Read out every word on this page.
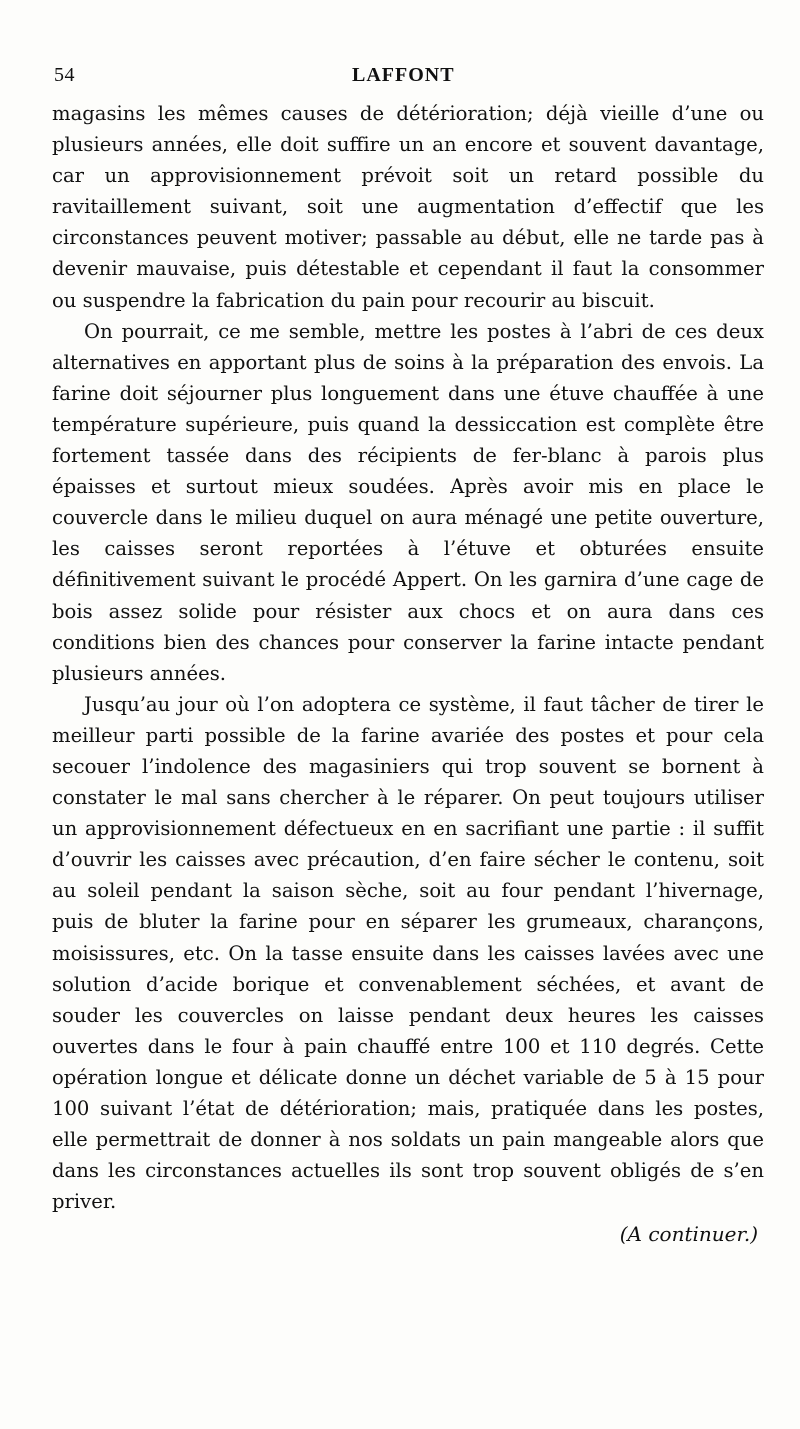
54	LAFFONT

magasins les mêmes causes de détérioration; déjà vieille d’une ou plusieurs années, elle doit suffire un an encore et souvent davantage, car un approvisionnement prévoit soit un retard possible du ravitaillement suivant, soit une augmentation d’effectif que les circonstances peuvent motiver; passable au début, elle ne tarde pas à devenir mauvaise, puis détestable et cependant il faut la consommer ou suspendre la fabrication du pain pour recourir au biscuit.

On pourrait, ce me semble, mettre les postes à l’abri de ces deux alternatives en apportant plus de soins à la préparation des envois. La farine doit séjourner plus longuement dans une étuve chauffée à une température supérieure, puis quand la dessiccation est complète être fortement tassée dans des récipients de fer-blanc à parois plus épaisses et surtout mieux soudées. Après avoir mis en place le couvercle dans le milieu duquel on aura ménagé une petite ouverture, les caisses seront reportées à l’étuve et obturées ensuite définitivement suivant le procédé Appert. On les garnira d’une cage de bois assez solide pour résister aux chocs et on aura dans ces conditions bien des chances pour conserver la farine intacte pendant plusieurs années.

Jusqu’au jour où l’on adoptera ce système, il faut tâcher de tirer le meilleur parti possible de la farine avariée des postes et pour cela secouer l’indolence des magasiniers qui trop souvent se bornent à constater le mal sans chercher à le réparer. On peut toujours utiliser un approvisionnement défectueux en en sacrifiant une partie : il suffit d’ouvrir les caisses avec précaution, d’en faire sécher le contenu, soit au soleil pendant la saison sèche, soit au four pendant l’hivernage, puis de bluter la farine pour en séparer les grumeaux, charançons, moisissures, etc. On la tasse ensuite dans les caisses lavées avec une solution d’acide borique et convenablement séchées, et avant de souder les couvercles on laisse pendant deux heures les caisses ouvertes dans le four à pain chauffé entre 100 et 110 degrés. Cette opération longue et délicate donne un déchet variable de 5 à 15 pour 100 suivant l’état de détérioration; mais, pratiquée dans les postes, elle permettrait de donner à nos soldats un pain mangeable alors que dans les circonstances actuelles ils sont trop souvent obligés de s’en priver.

(A continuer.)
